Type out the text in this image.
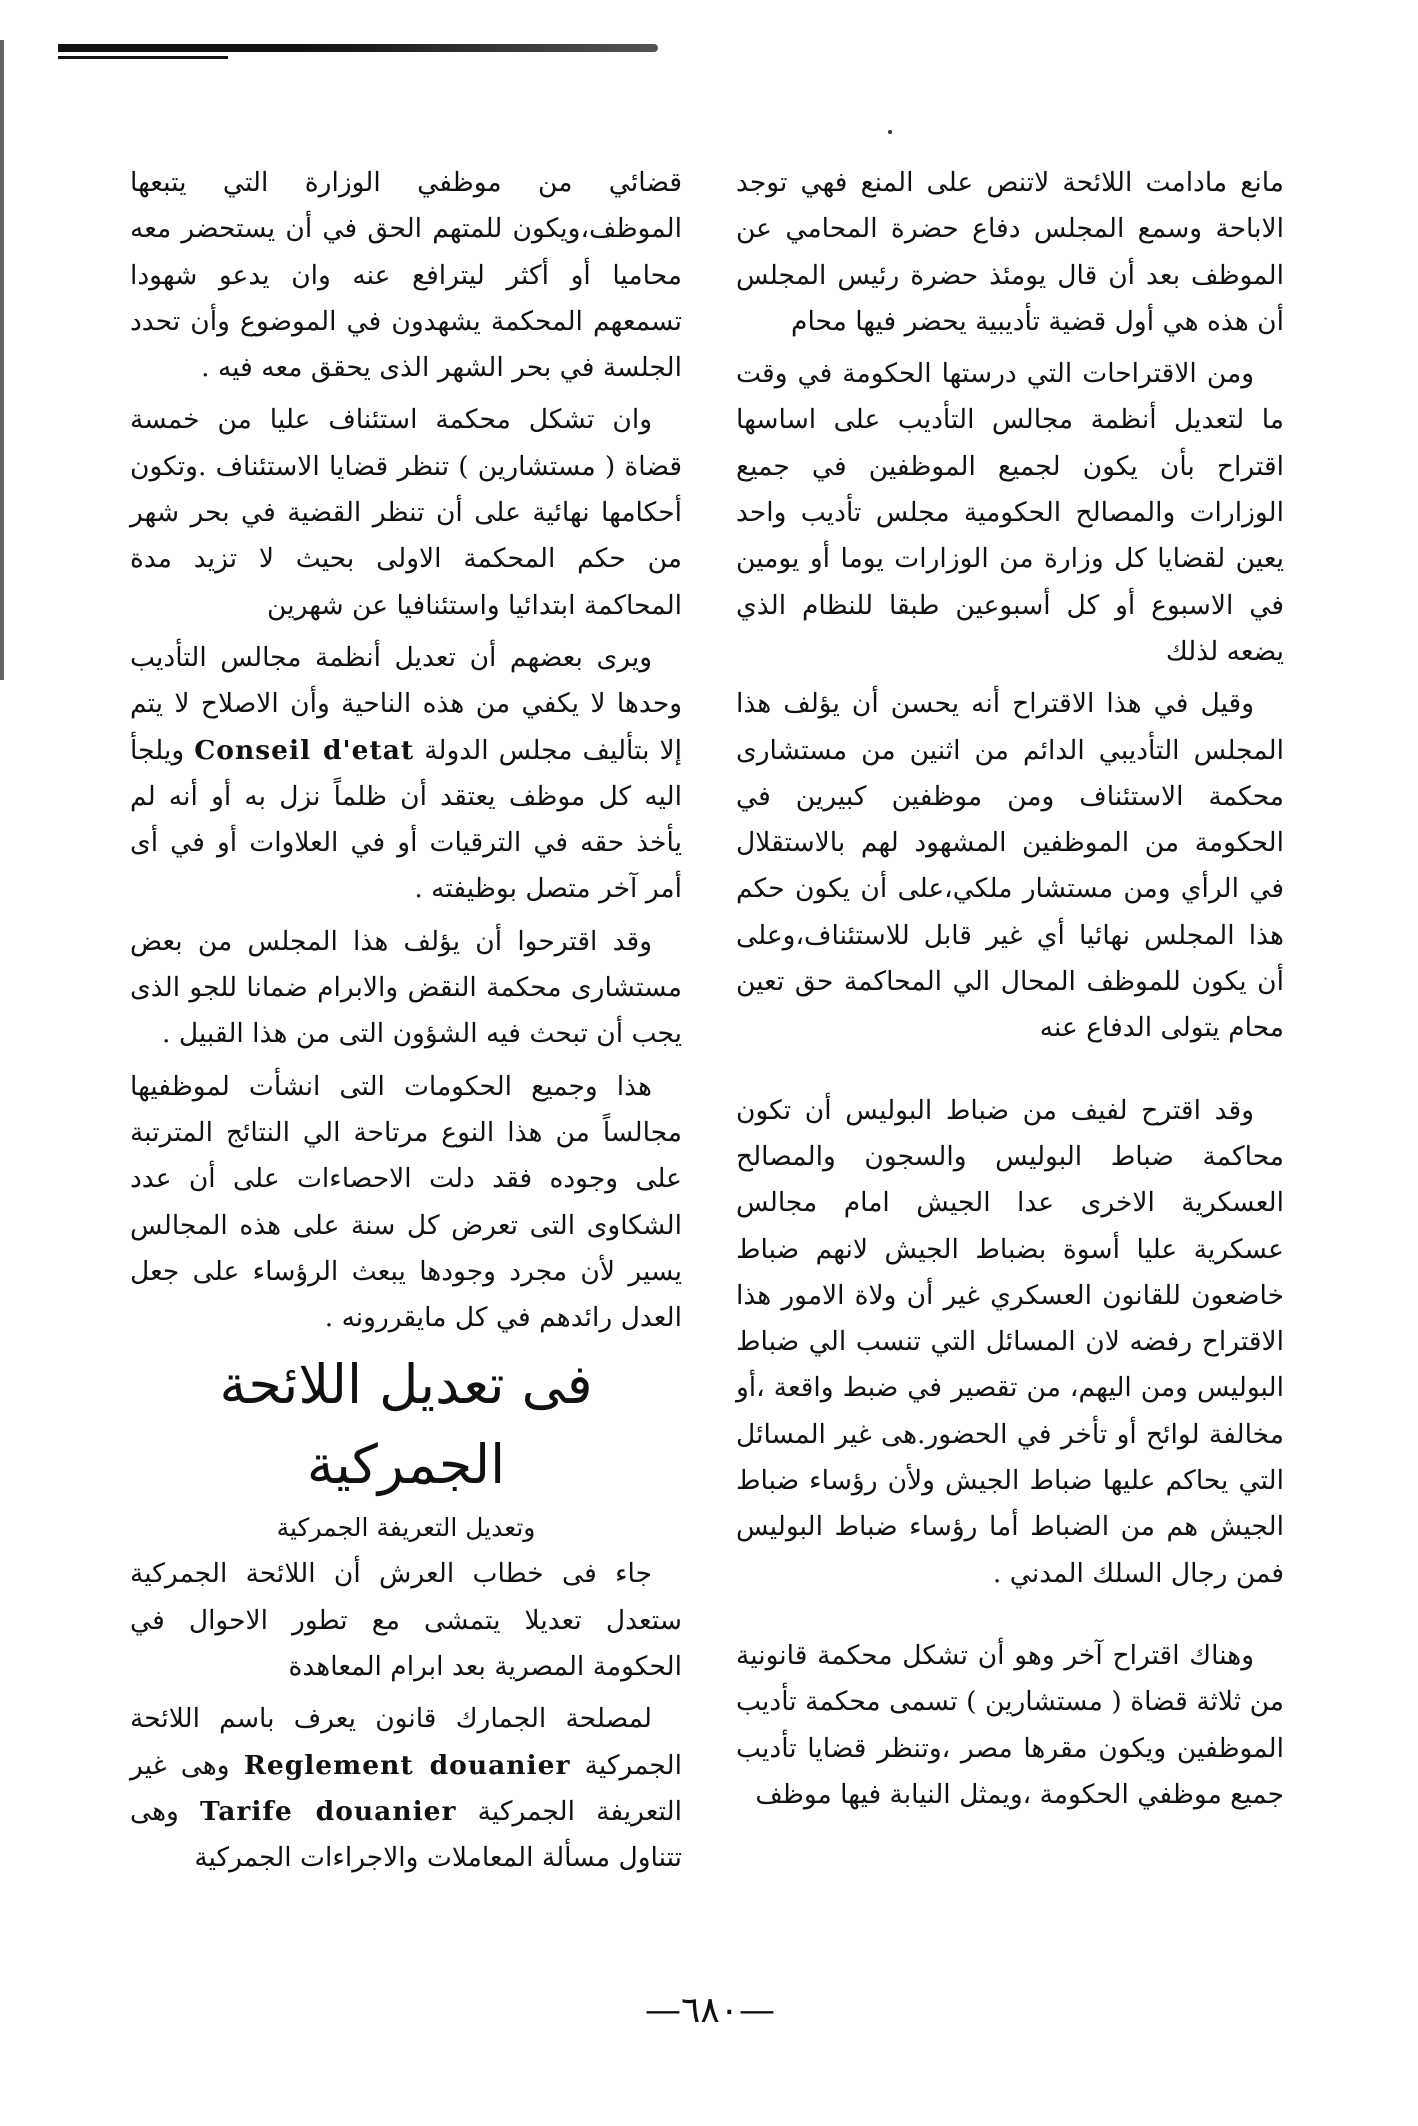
مانع مادامت اللائحة لاتنص على المنع فهي توجد الاباحة وسمع المجلس دفاع حضرة المحامي عن الموظف بعد أن قال يومئذ حضرة رئيس المجلس أن هذه هي أول قضية تأديبية يحضر فيها محام

ومن الاقتراحات التي درستها الحكومة في وقت ما لتعديل أنظمة مجالس التأديب على اساسها اقتراح بأن يكون لجميع الموظفين في جميع الوزارات والمصالح الحكومية مجلس تأديب واحد يعين لقضايا كل وزارة من الوزارات يوما أو يومين في الاسبوع أو كل أسبوعين طبقا للنظام الذي يضعه لذلك

وقيل في هذا الاقتراح أنه يحسن أن يؤلف هذا المجلس التأديبي الدائم من اثنين من مستشارى محكمة الاستئناف ومن موظفين كبيرين في الحكومة من الموظفين المشهود لهم بالاستقلال في الرأي ومن مستشار ملكي،على أن يكون حكم هذا المجلس نهائيا أي غير قابل للاستئناف،وعلى أن يكون للموظف المحال الي المحاكمة حق تعين محام يتولى الدفاع عنه

وقد اقترح لفيف من ضباط البوليس أن تكون محاكمة ضباط البوليس والسجون والمصالح العسكرية الاخرى عدا الجيش امام مجالس عسكرية عليا أسوة بضباط الجيش لانهم ضباط خاضعون للقانون العسكري غير أن ولاة الامور هذا الاقتراح رفضه لان المسائل التي تنسب الي ضباط البوليس ومن اليهم، من تقصير في ضبط واقعة ،أو مخالفة لوائح أو تأخر في الحضور.هى غير المسائل التي يحاكم عليها ضباط الجيش ولأن رؤساء ضباط الجيش هم من الضباط أما رؤساء ضباط البوليس فمن رجال السلك المدني .

وهناك اقتراح آخر وهو أن تشكل محكمة قانونية من ثلاثة قضاة ( مستشارين ) تسمى محكمة تأديب الموظفين ويكون مقرها مصر ،وتنظر قضايا تأديب جميع موظفي الحكومة ،ويمثل النيابة فيها موظف

قضائي من موظفي الوزارة التي يتبعها الموظف،ويكون للمتهم الحق في أن يستحضر معه محاميا أو أكثر ليترافع عنه وان يدعو شهودا تسمعهم المحكمة يشهدون في الموضوع وأن تحدد الجلسة في بحر الشهر الذى يحقق معه فيه .

وان تشكل محكمة استئناف عليا من خمسة قضاة ( مستشارين ) تنظر قضايا الاستئناف .وتكون أحكامها نهائية على أن تنظر القضية في بحر شهر من حكم المحكمة الاولى بحيث لا تزيد مدة المحاكمة ابتدائيا واستئنافيا عن شهرين

ويرى بعضهم أن تعديل أنظمة مجالس التأديب وحدها لا يكفي من هذه الناحية وأن الاصلاح لا يتم إلا بتأليف مجلس الدولة Conseil d'etat ويلجأ اليه كل موظف يعتقد أن ظلماً نزل به أو أنه لم يأخذ حقه في الترقيات أو في العلاوات أو في أى أمر آخر متصل بوظيفته .

وقد اقترحوا أن يؤلف هذا المجلس من بعض مستشارى محكمة النقض والابرام ضمانا للجو الذى يجب أن تبحث فيه الشؤون التى من هذا القبيل .

هذا وجميع الحكومات التى انشأت لموظفيها مجالساً من هذا النوع مرتاحة الي النتائج المترتبة على وجوده فقد دلت الاحصاءات على أن عدد الشكاوى التى تعرض كل سنة على هذه المجالس يسير لأن مجرد وجودها يبعث الرؤساء على جعل العدل رائدهم في كل مايقررونه .

فى تعديل اللائحة الجمركية

وتعديل التعريفة الجمركية

جاء فى خطاب العرش أن اللائحة الجمركية ستعدل تعديلا يتمشى مع تطور الاحوال في الحكومة المصرية بعد ابرام المعاهدة

لمصلحة الجمارك قانون يعرف باسم اللائحة الجمركية Reglement douanier وهى غير التعريفة الجمركية Tarife douanier وهى تتناول مسألة المعاملات والاجراءات الجمركية

—٦٨٠—
